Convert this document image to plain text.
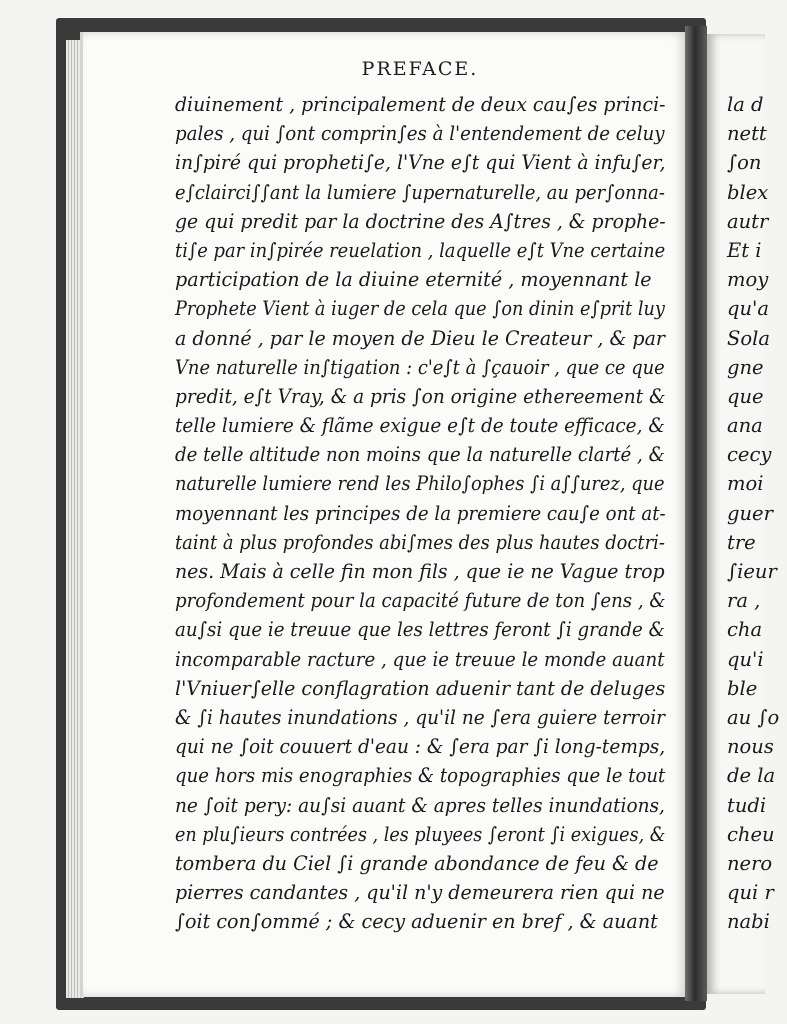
la d
nett
∫on
blex
autr
Et i
moy
qu'a
Sola
gne
que
ana
cecy
moi
guer
tre
∫ieur
ra ,
cha
qu'i
ble
au ∫o
nous
de la
tudi
cheu
nero
qui r
nabi
PREFACE.
diuinement , principalement de deux cau∫es princi-
pales , qui ∫ont comprin∫es à l'entendement de celuy
in∫piré qui propheti∫e, l'Vne e∫t qui Vient à infu∫er,
e∫clairci∫∫ant la lumiere ∫upernaturelle, au per∫onna-
ge qui predit par la doctrine des A∫tres , & prophe-
ti∫e par in∫pirée reuelation , laquelle e∫t Vne certaine
participation de la diuine eternité , moyennant le
Prophete Vient à iuger de cela que ∫on dinin e∫prit luy
a donné , par le moyen de Dieu le Createur , & par
Vne naturelle in∫tigation : c'e∫t à ∫çauoir , que ce que
predit, e∫t Vray, & a pris ∫on origine ethereement &
telle lumiere & flãme exigue e∫t de toute efficace, &
de telle altitude non moins que la naturelle clarté , &
naturelle lumiere rend les Philo∫ophes ∫i a∫∫urez, que
moyennant les principes de la premiere cau∫e ont at-
taint à plus profondes abi∫mes des plus hautes doctri-
nes. Mais à celle fin mon fils , que ie ne Vague trop
profondement pour la capacité future de ton ∫ens , &
au∫si que ie treuue que les lettres feront ∫i grande &
incomparable racture , que ie treuue le monde auant
l'Vniuer∫elle conflagration aduenir tant de deluges
& ∫i hautes inundations , qu'il ne ∫era guiere terroir
qui ne ∫oit couuert d'eau : & ∫era par ∫i long-temps,
que hors mis enographies & topographies que le tout
ne ∫oit pery: au∫si auant & apres telles inundations,
en plu∫ieurs contrées , les pluyees ∫eront ∫i exigues, &
tombera du Ciel ∫i grande abondance de feu & de
pierres candantes , qu'il n'y demeurera rien qui ne
∫oit con∫ommé ; & cecy aduenir en bref , & auant
